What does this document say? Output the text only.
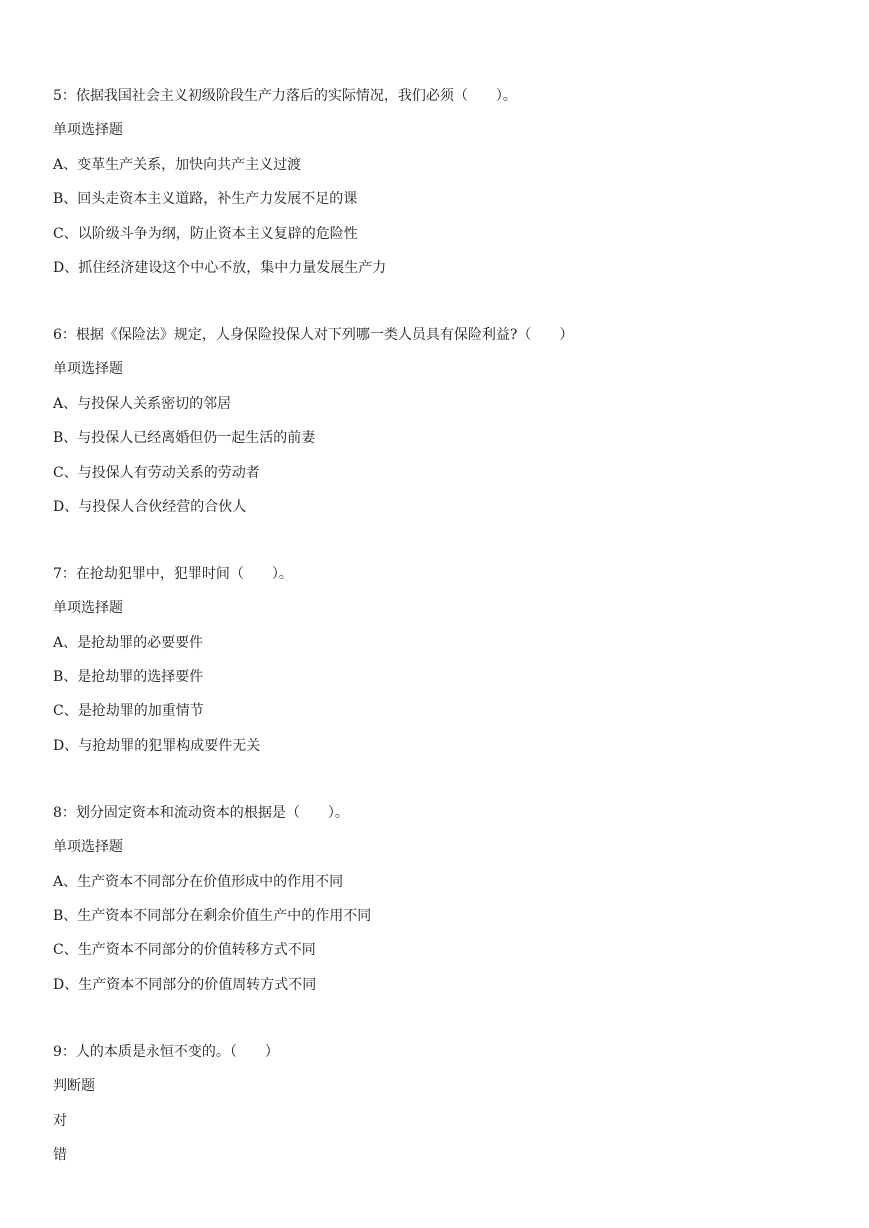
5：依据我国社会主义初级阶段生产力落后的实际情况，我们必须（　　）。
单项选择题
A、变革生产关系，加快向共产主义过渡
B、回头走资本主义道路，补生产力发展不足的课
C、以阶级斗争为纲，防止资本主义复辟的危险性
D、抓住经济建设这个中心不放，集中力量发展生产力
6：根据《保险法》规定，人身保险投保人对下列哪一类人员具有保险利益?（　　）
单项选择题
A、与投保人关系密切的邻居
B、与投保人已经离婚但仍一起生活的前妻
C、与投保人有劳动关系的劳动者
D、与投保人合伙经营的合伙人
7：在抢劫犯罪中，犯罪时间（　　）。
单项选择题
A、是抢劫罪的必要要件
B、是抢劫罪的选择要件
C、是抢劫罪的加重情节
D、与抢劫罪的犯罪构成要件无关
8：划分固定资本和流动资本的根据是（　　）。
单项选择题
A、生产资本不同部分在价值形成中的作用不同
B、生产资本不同部分在剩余价值生产中的作用不同
C、生产资本不同部分的价值转移方式不同
D、生产资本不同部分的价值周转方式不同
9：人的本质是永恒不变的。（　　）
判断题
对
错
